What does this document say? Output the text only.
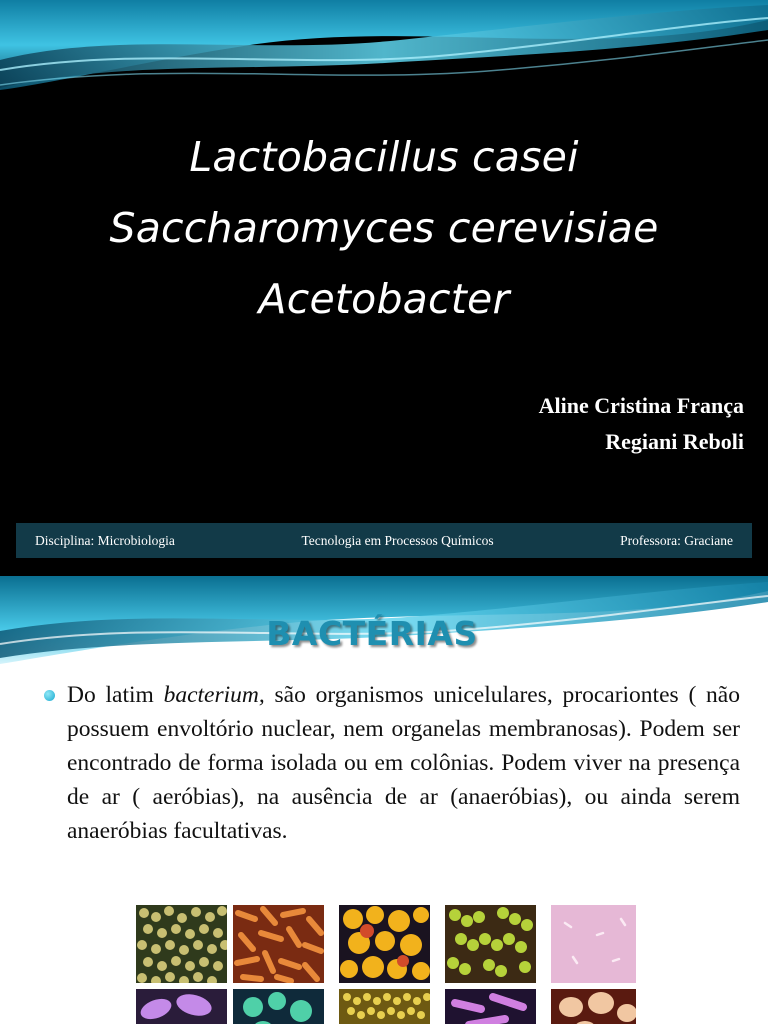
Lactobacillus casei
Saccharomyces cerevisiae
Acetobacter
Aline Cristina França
Regiani Reboli
Disciplina: Microbiologia	Tecnologia em Processos Químicos	Professora: Graciane
BACTÉRIAS

Do latim bacterium, são organismos unicelulares, procariontes ( não possuem envoltório nuclear, nem organelas membranosas). Podem ser encontrado de forma isolada ou em colônias. Podem viver na presença de ar ( aeróbias), na ausência de ar (anaeróbias), ou ainda serem anaeróbias facultativas.
